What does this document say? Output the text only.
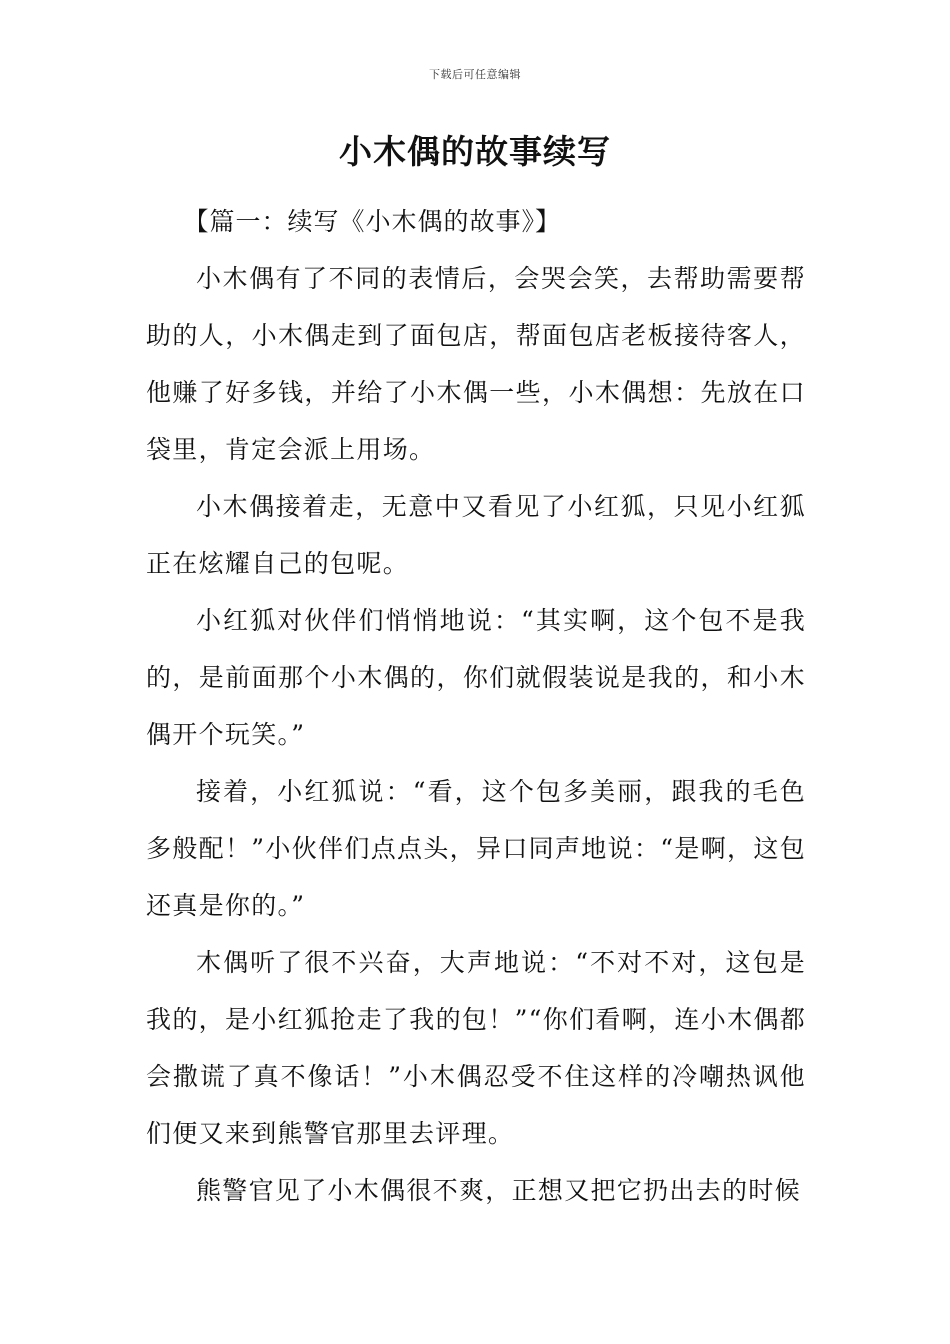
下载后可任意编辑
小木偶的故事续写
【篇一：续写《小木偶的故事》】

小木偶有了不同的表情后，会哭会笑，去帮助需要帮助的人，小木偶走到了面包店，帮面包店老板接待客人，他赚了好多钱，并给了小木偶一些，小木偶想：先放在口袋里，肯定会派上用场。

小木偶接着走，无意中又看见了小红狐，只见小红狐正在炫耀自己的包呢。

小红狐对伙伴们悄悄地说：“其实啊，这个包不是我的，是前面那个小木偶的，你们就假装说是我的，和小木偶开个玩笑。”

接着，小红狐说：“看，这个包多美丽，跟我的毛色多般配！”小伙伴们点点头，异口同声地说：“是啊，这包还真是你的。”

木偶听了很不兴奋，大声地说：“不对不对，这包是我的，是小红狐抢走了我的包！”“你们看啊，连小木偶都会撒谎了真不像话！”小木偶忍受不住这样的冷嘲热讽他们便又来到熊警官那里去评理。

熊警官见了小木偶很不爽，正想又把它扔出去的时候
